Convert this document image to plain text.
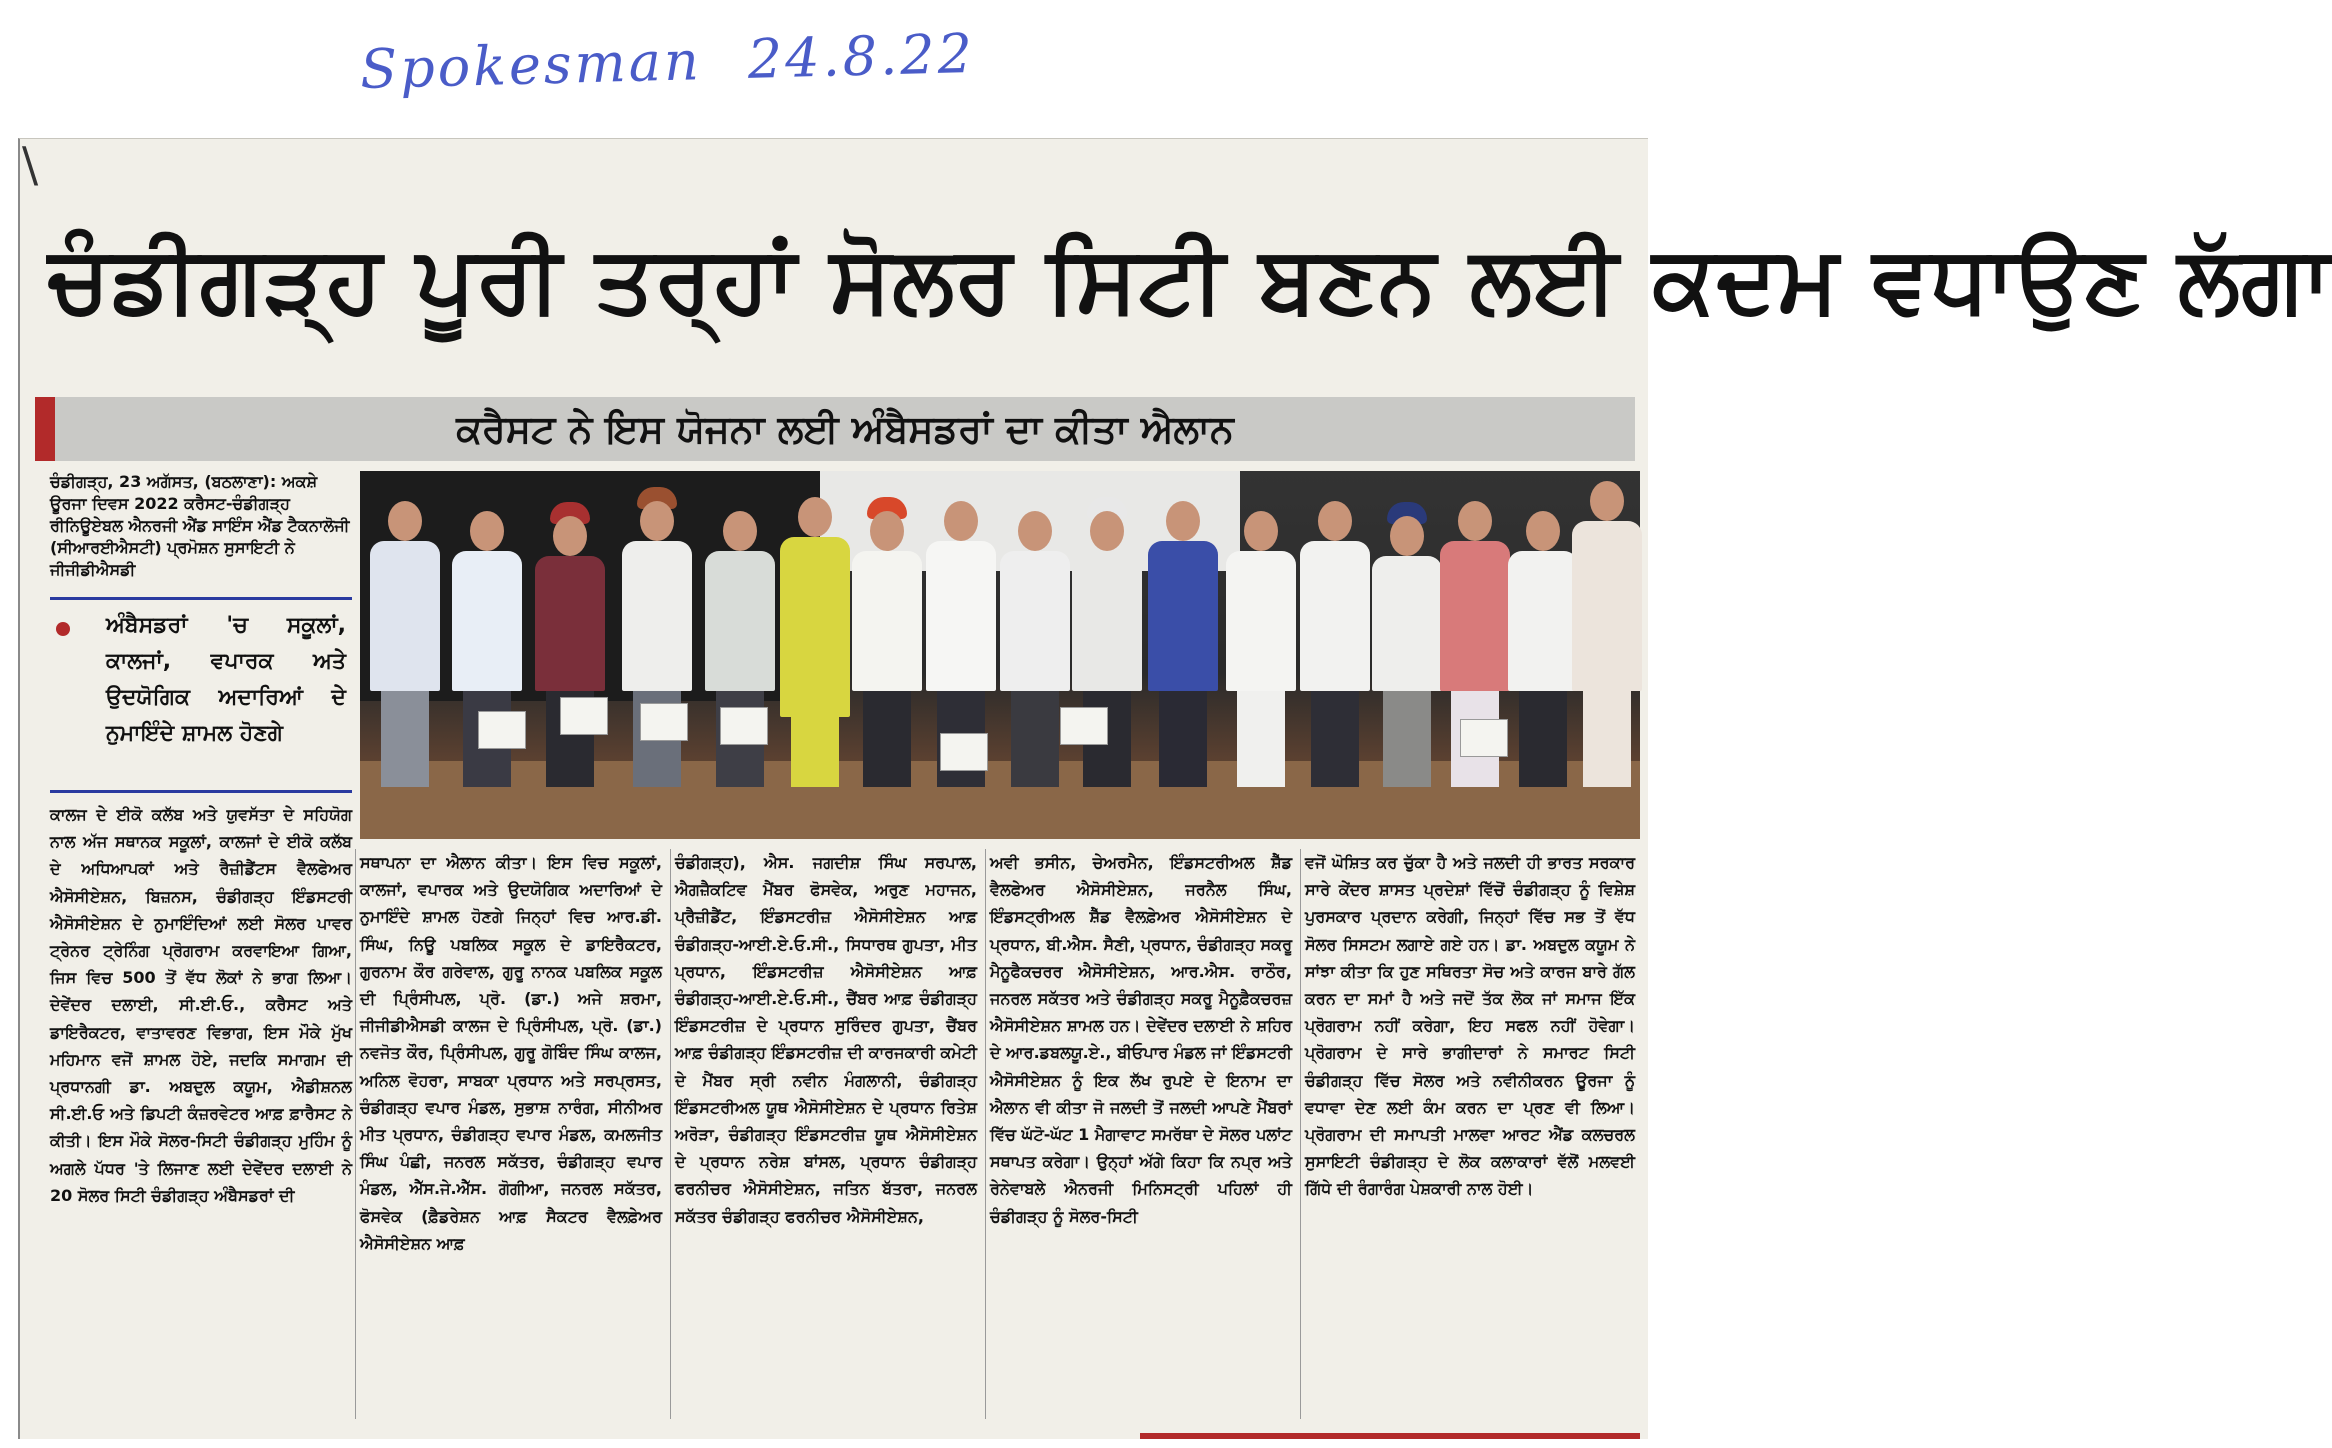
Spokesman 24.8.22
\
ਚੰਡੀਗੜ੍ਹ ਪੂਰੀ ਤਰ੍ਹਾਂ ਸੋਲਰ ਸਿਟੀ ਬਣਨ ਲਈ ਕਦਮ ਵਧਾਉਣ ਲੱਗਾ
ਕਰੈਸਟ ਨੇ ਇਸ ਯੋਜਨਾ ਲਈ ਅੰਬੈਸਡਰਾਂ ਦਾ ਕੀਤਾ ਐਲਾਨ
ਚੰਡੀਗੜ੍ਹ, 23 ਅਗੱਸਤ, (ਬਠਲਾਣਾ): ਅਕਸ਼ੇ ਊਰਜਾ ਦਿਵਸ 2022 ਕਰੈਸਟ-ਚੰਡੀਗੜ੍ਹ ਰੀਨਿਊਏਬਲ ਐਨਰਜੀ ਐਂਡ ਸਾਇੰਸ ਐਂਡ ਟੈਕਨਾਲੋਜੀ (ਸੀਆਰਈਐਸਟੀ) ਪ੍ਰਮੋਸ਼ਨ ਸੁਸਾਇਟੀ ਨੇ ਜੀਜੀਡੀਐਸਡੀ
ਅੰਬੈਸਡਰਾਂ 'ਚ ਸਕੂਲਾਂ, ਕਾਲਜਾਂ, ਵਪਾਰਕ ਅਤੇ ਉਦਯੋਗਿਕ ਅਦਾਰਿਆਂ ਦੇ ਨੁਮਾਇੰਦੇ ਸ਼ਾਮਲ ਹੋਣਗੇ
ਕਾਲਜ ਦੇ ਈਕੋ ਕਲੱਬ ਅਤੇ ਯੁਵਸੱਤਾ ਦੇ ਸਹਿਯੋਗ ਨਾਲ ਅੱਜ ਸਥਾਨਕ ਸਕੂਲਾਂ, ਕਾਲਜਾਂ ਦੇ ਈਕੋ ਕਲੱਬ ਦੇ ਅਧਿਆਪਕਾਂ ਅਤੇ ਰੈਜ਼ੀਡੈਂਟਸ ਵੈਲਫੇਅਰ ਐਸੋਸੀਏਸ਼ਨ, ਬਿਜ਼ਨਸ, ਚੰਡੀਗੜ੍ਹ ਇੰਡਸਟਰੀ ਐਸੋਸੀਏਸ਼ਨ ਦੇ ਨੁਮਾਇੰਦਿਆਂ ਲਈ ਸੋਲਰ ਪਾਵਰ ਟ੍ਰੇਨਰ ਟ੍ਰੇਨਿੰਗ ਪ੍ਰੋਗਰਾਮ ਕਰਵਾਇਆ ਗਿਆ, ਜਿਸ ਵਿਚ 500 ਤੋਂ ਵੱਧ ਲੋਕਾਂ ਨੇ ਭਾਗ ਲਿਆ। ਦੇਵੇਂਦਰ ਦਲਾਈ, ਸੀ.ਈ.ਓ., ਕਰੈਸਟ ਅਤੇ ਡਾਇਰੈਕਟਰ, ਵਾਤਾਵਰਣ ਵਿਭਾਗ, ਇਸ ਮੌਕੇ ਮੁੱਖ ਮਹਿਮਾਨ ਵਜੋਂ ਸ਼ਾਮਲ ਹੋਏ, ਜਦਕਿ ਸਮਾਗਮ ਦੀ ਪ੍ਰਧਾਨਗੀ ਡਾ. ਅਬਦੁਲ ਕਯੂਮ, ਐਡੀਸ਼ਨਲ ਸੀ.ਈ.ਓ ਅਤੇ ਡਿਪਟੀ ਕੰਜ਼ਰਵੇਟਰ ਆਫ਼ ਫ਼ਾਰੈਸਟ ਨੇ ਕੀਤੀ। ਇਸ ਮੌਕੇ ਸੋਲਰ-ਸਿਟੀ ਚੰਡੀਗੜ੍ਹ ਮੁਹਿੰਮ ਨੂੰ ਅਗਲੇ ਪੱਧਰ 'ਤੇ ਲਿਜਾਣ ਲਈ ਦੇਵੇਂਦਰ ਦਲਾਈ ਨੇ 20 ਸੋਲਰ ਸਿਟੀ ਚੰਡੀਗੜ੍ਹ ਅੰਬੈਸਡਰਾਂ ਦੀ
ਸਥਾਪਨਾ ਦਾ ਐਲਾਨ ਕੀਤਾ। ਇਸ ਵਿਚ ਸਕੂਲਾਂ, ਕਾਲਜਾਂ, ਵਪਾਰਕ ਅਤੇ ਉਦਯੋਗਿਕ ਅਦਾਰਿਆਂ ਦੇ ਨੁਮਾਇੰਦੇ ਸ਼ਾਮਲ ਹੋਣਗੇ ਜਿਨ੍ਹਾਂ ਵਿਚ ਆਰ.ਡੀ. ਸਿੰਘ, ਨਿਊ ਪਬਲਿਕ ਸਕੂਲ ਦੇ ਡਾਇਰੈਕਟਰ, ਗੁਰਨਾਮ ਕੌਰ ਗਰੇਵਾਲ, ਗੁਰੂ ਨਾਨਕ ਪਬਲਿਕ ਸਕੂਲ ਦੀ ਪ੍ਰਿੰਸੀਪਲ, ਪ੍ਰੋ. (ਡਾ.) ਅਜੇ ਸ਼ਰਮਾ, ਜੀਜੀਡੀਐਸਡੀ ਕਾਲਜ ਦੇ ਪ੍ਰਿੰਸੀਪਲ, ਪ੍ਰੋ. (ਡਾ.) ਨਵਜੋਤ ਕੌਰ, ਪ੍ਰਿੰਸੀਪਲ, ਗੁਰੂ ਗੋਬਿੰਦ ਸਿੰਘ ਕਾਲਜ, ਅਨਿਲ ਵੋਹਰਾ, ਸਾਬਕਾ ਪ੍ਰਧਾਨ ਅਤੇ ਸਰਪ੍ਰਸਤ, ਚੰਡੀਗੜ੍ਹ ਵਪਾਰ ਮੰਡਲ, ਸੁਭਾਸ਼ ਨਾਰੰਗ, ਸੀਨੀਅਰ ਮੀਤ ਪ੍ਰਧਾਨ, ਚੰਡੀਗੜ੍ਹ ਵਪਾਰ ਮੰਡਲ, ਕਮਲਜੀਤ ਸਿੰਘ ਪੰਛੀ, ਜਨਰਲ ਸਕੱਤਰ, ਚੰਡੀਗੜ੍ਹ ਵਪਾਰ ਮੰਡਲ, ਐੱਸ.ਜੇ.ਐੱਸ. ਗੋਗੀਆ, ਜਨਰਲ ਸਕੱਤਰ, ਫੋਸਵੇਕ (ਫ਼ੈਡਰੇਸ਼ਨ ਆਫ਼ ਸੈਕਟਰ ਵੈਲਫ਼ੇਅਰ ਐਸੋਸੀਏਸ਼ਨ ਆਫ਼
ਚੰਡੀਗੜ੍ਹ), ਐਸ. ਜਗਦੀਸ਼ ਸਿੰਘ ਸਰਪਾਲ, ਐਗਜ਼ੈਕਟਿਵ ਮੈਂਬਰ ਫੋਸਵੇਕ, ਅਰੁਣ ਮਹਾਜਨ, ਪ੍ਰੈਜ਼ੀਡੈਂਟ, ਇੰਡਸਟਰੀਜ਼ ਐਸੋਸੀਏਸ਼ਨ ਆਫ਼ ਚੰਡੀਗੜ੍ਹ-ਆਈ.ਏ.ਓ.ਸੀ., ਸਿਧਾਰਥ ਗੁਪਤਾ, ਮੀਤ ਪ੍ਰਧਾਨ, ਇੰਡਸਟਰੀਜ਼ ਐਸੋਸੀਏਸ਼ਨ ਆਫ਼ ਚੰਡੀਗੜ੍ਹ-ਆਈ.ਏ.ਓ.ਸੀ., ਚੈਂਬਰ ਆਫ਼ ਚੰਡੀਗੜ੍ਹ ਇੰਡਸਟਰੀਜ਼ ਦੇ ਪ੍ਰਧਾਨ ਸੁਰਿੰਦਰ ਗੁਪਤਾ, ਚੈਂਬਰ ਆਫ਼ ਚੰਡੀਗੜ੍ਹ ਇੰਡਸਟਰੀਜ਼ ਦੀ ਕਾਰਜਕਾਰੀ ਕਮੇਟੀ ਦੇ ਮੈਂਬਰ ਸ੍ਰੀ ਨਵੀਨ ਮੰਗਲਾਨੀ, ਚੰਡੀਗੜ੍ਹ ਇੰਡਸਟਰੀਅਲ ਯੂਥ ਐਸੋਸੀਏਸ਼ਨ ਦੇ ਪ੍ਰਧਾਨ ਰਿਤੇਸ਼ ਅਰੋੜਾ, ਚੰਡੀਗੜ੍ਹ ਇੰਡਸਟਰੀਜ਼ ਯੂਥ ਐਸੋਸੀਏਸ਼ਨ ਦੇ ਪ੍ਰਧਾਨ ਨਰੇਸ਼ ਬਾਂਸਲ, ਪ੍ਰਧਾਨ ਚੰਡੀਗੜ੍ਹ ਫਰਨੀਚਰ ਐਸੋਸੀਏਸ਼ਨ, ਜਤਿਨ ਬੱਤਰਾ, ਜਨਰਲ ਸਕੱਤਰ ਚੰਡੀਗੜ੍ਹ ਫਰਨੀਚਰ ਐਸੋਸੀਏਸ਼ਨ,
ਅਵੀ ਭਸੀਨ, ਚੇਅਰਮੈਨ, ਇੰਡਸਟਰੀਅਲ ਸ਼ੈੱਡ ਵੈਲਫੇਅਰ ਐਸੋਸੀਏਸ਼ਨ, ਜਰਨੈਲ ਸਿੰਘ, ਇੰਡਸਟ੍ਰੀਅਲ ਸ਼ੈੱਡ ਵੈਲਫ਼ੇਅਰ ਐਸੋਸੀਏਸ਼ਨ ਦੇ ਪ੍ਰਧਾਨ, ਬੀ.ਐਸ. ਸੈਣੀ, ਪ੍ਰਧਾਨ, ਚੰਡੀਗੜ੍ਹ ਸਕਰੂ ਮੈਨੂਫੈਕਚਰਰ ਐਸੋਸੀਏਸ਼ਨ, ਆਰ.ਐਸ. ਰਾਠੌਰ, ਜਨਰਲ ਸਕੱਤਰ ਅਤੇ ਚੰਡੀਗੜ੍ਹ ਸਕਰੂ ਮੈਨੂਫ਼ੈਕਚਰਜ਼ ਐਸੋਸੀਏਸ਼ਨ ਸ਼ਾਮਲ ਹਨ। ਦੇਵੇਂਦਰ ਦਲਾਈ ਨੇ ਸ਼ਹਿਰ ਦੇ ਆਰ.ਡਬਲਯੂ.ਏ., ਬੀਓਪਾਰ ਮੰਡਲ ਜਾਂ ਇੰਡਸਟਰੀ ਐਸੋਸੀਏਸ਼ਨ ਨੂੰ ਇਕ ਲੱਖ ਰੁਪਏ ਦੇ ਇਨਾਮ ਦਾ ਐਲਾਨ ਵੀ ਕੀਤਾ ਜੋ ਜਲਦੀ ਤੋਂ ਜਲਦੀ ਆਪਣੇ ਮੈਂਬਰਾਂ ਵਿੱਚ ਘੱਟੋ-ਘੱਟ 1 ਮੈਗਾਵਾਟ ਸਮਰੱਥਾ ਦੇ ਸੋਲਰ ਪਲਾਂਟ ਸਥਾਪਤ ਕਰੇਗਾ। ਉਨ੍ਹਾਂ ਅੱਗੇ ਕਿਹਾ ਕਿ ਨਪ੍ਰ ਅਤੇ ਰੇਨੇਵਾਬਲੇ ਐਨਰਜੀ ਮਿਨਿਸਟ੍ਰੀ ਪਹਿਲਾਂ ਹੀ ਚੰਡੀਗੜ੍ਹ ਨੂੰ ਸੋਲਰ-ਸਿਟੀ
ਵਜੋਂ ਘੋਸ਼ਿਤ ਕਰ ਚੁੱਕਾ ਹੈ ਅਤੇ ਜਲਦੀ ਹੀ ਭਾਰਤ ਸਰਕਾਰ ਸਾਰੇ ਕੇਂਦਰ ਸ਼ਾਸਤ ਪ੍ਰਦੇਸ਼ਾਂ ਵਿੱਚੋਂ ਚੰਡੀਗੜ੍ਹ ਨੂੰ ਵਿਸ਼ੇਸ਼ ਪੁਰਸਕਾਰ ਪ੍ਰਦਾਨ ਕਰੇਗੀ, ਜਿਨ੍ਹਾਂ ਵਿੱਚ ਸਭ ਤੋਂ ਵੱਧ ਸੋਲਰ ਸਿਸਟਮ ਲਗਾਏ ਗਏ ਹਨ। ਡਾ. ਅਬਦੁਲ ਕਯੂਮ ਨੇ ਸਾਂਝਾ ਕੀਤਾ ਕਿ ਹੁਣ ਸਥਿਰਤਾ ਸੋਚ ਅਤੇ ਕਾਰਜ ਬਾਰੇ ਗੱਲ ਕਰਨ ਦਾ ਸਮਾਂ ਹੈ ਅਤੇ ਜਦੋਂ ਤੱਕ ਲੋਕ ਜਾਂ ਸਮਾਜ ਇੱਕ ਪ੍ਰੋਗਰਾਮ ਨਹੀਂ ਕਰੇਗਾ, ਇਹ ਸਫਲ ਨਹੀਂ ਹੋਵੇਗਾ। ਪ੍ਰੋਗਰਾਮ ਦੇ ਸਾਰੇ ਭਾਗੀਦਾਰਾਂ ਨੇ ਸਮਾਰਟ ਸਿਟੀ ਚੰਡੀਗੜ੍ਹ ਵਿੱਚ ਸੋਲਰ ਅਤੇ ਨਵੀਨੀਕਰਨ ਊਰਜਾ ਨੂੰ ਵਧਾਵਾ ਦੇਣ ਲਈ ਕੰਮ ਕਰਨ ਦਾ ਪ੍ਰਣ ਵੀ ਲਿਆ। ਪ੍ਰੋਗਰਾਮ ਦੀ ਸਮਾਪਤੀ ਮਾਲਵਾ ਆਰਟ ਐਂਡ ਕਲਚਰਲ ਸੁਸਾਇਟੀ ਚੰਡੀਗੜ੍ਹ ਦੇ ਲੋਕ ਕਲਾਕਾਰਾਂ ਵੱਲੋਂ ਮਲਵਈ ਗਿੱਧੇ ਦੀ ਰੰਗਾਰੰਗ ਪੇਸ਼ਕਾਰੀ ਨਾਲ ਹੋਈ।
